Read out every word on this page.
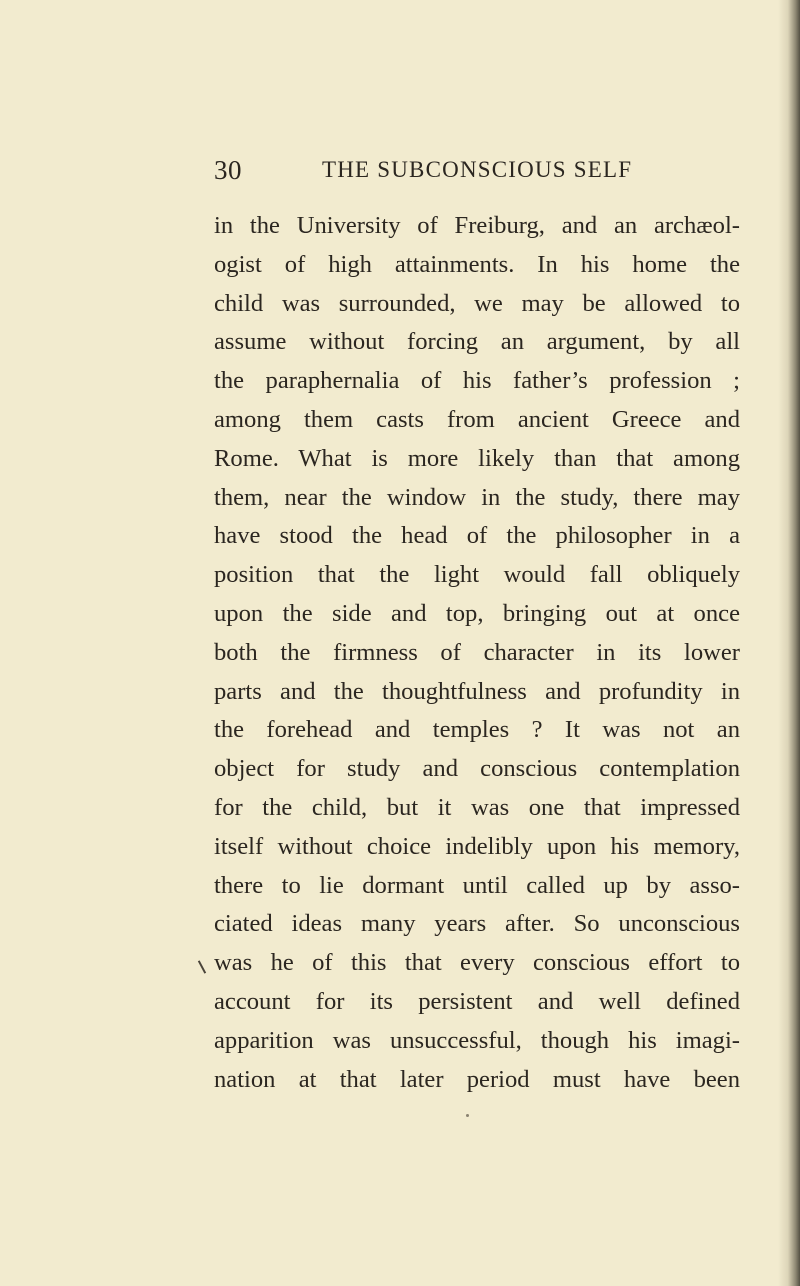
30	THE SUBCONSCIOUS SELF
in the University of Freiburg, and an archæol-
ogist of high attainments. In his home the
child was surrounded, we may be allowed to
assume without forcing an argument, by all
the paraphernalia of his father’s profession ;
among them casts from ancient Greece and
Rome. What is more likely than that among
them, near the window in the study, there may
have stood the head of the philosopher in a
position that the light would fall obliquely
upon the side and top, bringing out at once
both the firmness of character in its lower
parts and the thoughtfulness and profundity in
the forehead and temples ? It was not an
object for study and conscious contemplation
for the child, but it was one that impressed
itself without choice indelibly upon his memory,
there to lie dormant until called up by asso-
ciated ideas many years after. So unconscious
was he of this that every conscious effort to
account for its persistent and well defined
apparition was unsuccessful, though his imagi-
nation at that later period must have been
